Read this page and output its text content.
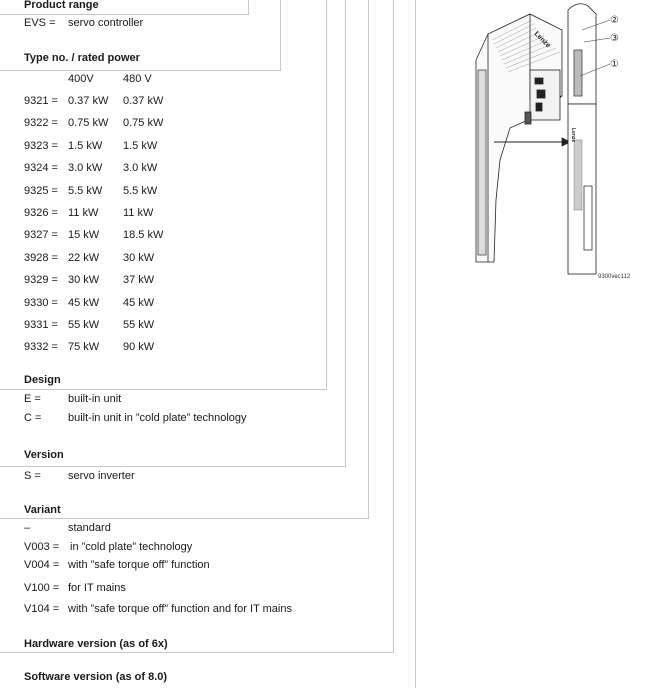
Product range
EVS = servo controller
Type no. / rated power
400V	480 V
9321 = 0.37 kW 0.37 kW
9322 = 0.75 kW 0.75 kW
9323 = 1.5 kW 1.5 kW
9324 = 3.0 kW 3.0 kW
9325 = 5.5 kW 5.5 kW
9326 = 11 kW 11 kW
9327 = 15 kW 18.5 kW
3928 = 22 kW 30 kW
9329 = 30 kW 37 kW
9330 = 45 kW 45 kW
9331 = 55 kW 55 kW
9332 = 75 kW 90 kW
Design
E = built-in unit
C = built-in unit in ”cold plate” technology
Version
S = servo inverter
Variant
–	standard
V003 = in ”cold plate” technology
V004 = with ”safe torque off” function
V100 = for IT mains
V104 = with ”safe torque off” function and for IT mains
Hardware version (as of 6x)
Software version (as of 8.0)
Lenze
Lenze
②
③
①
9300vec112
